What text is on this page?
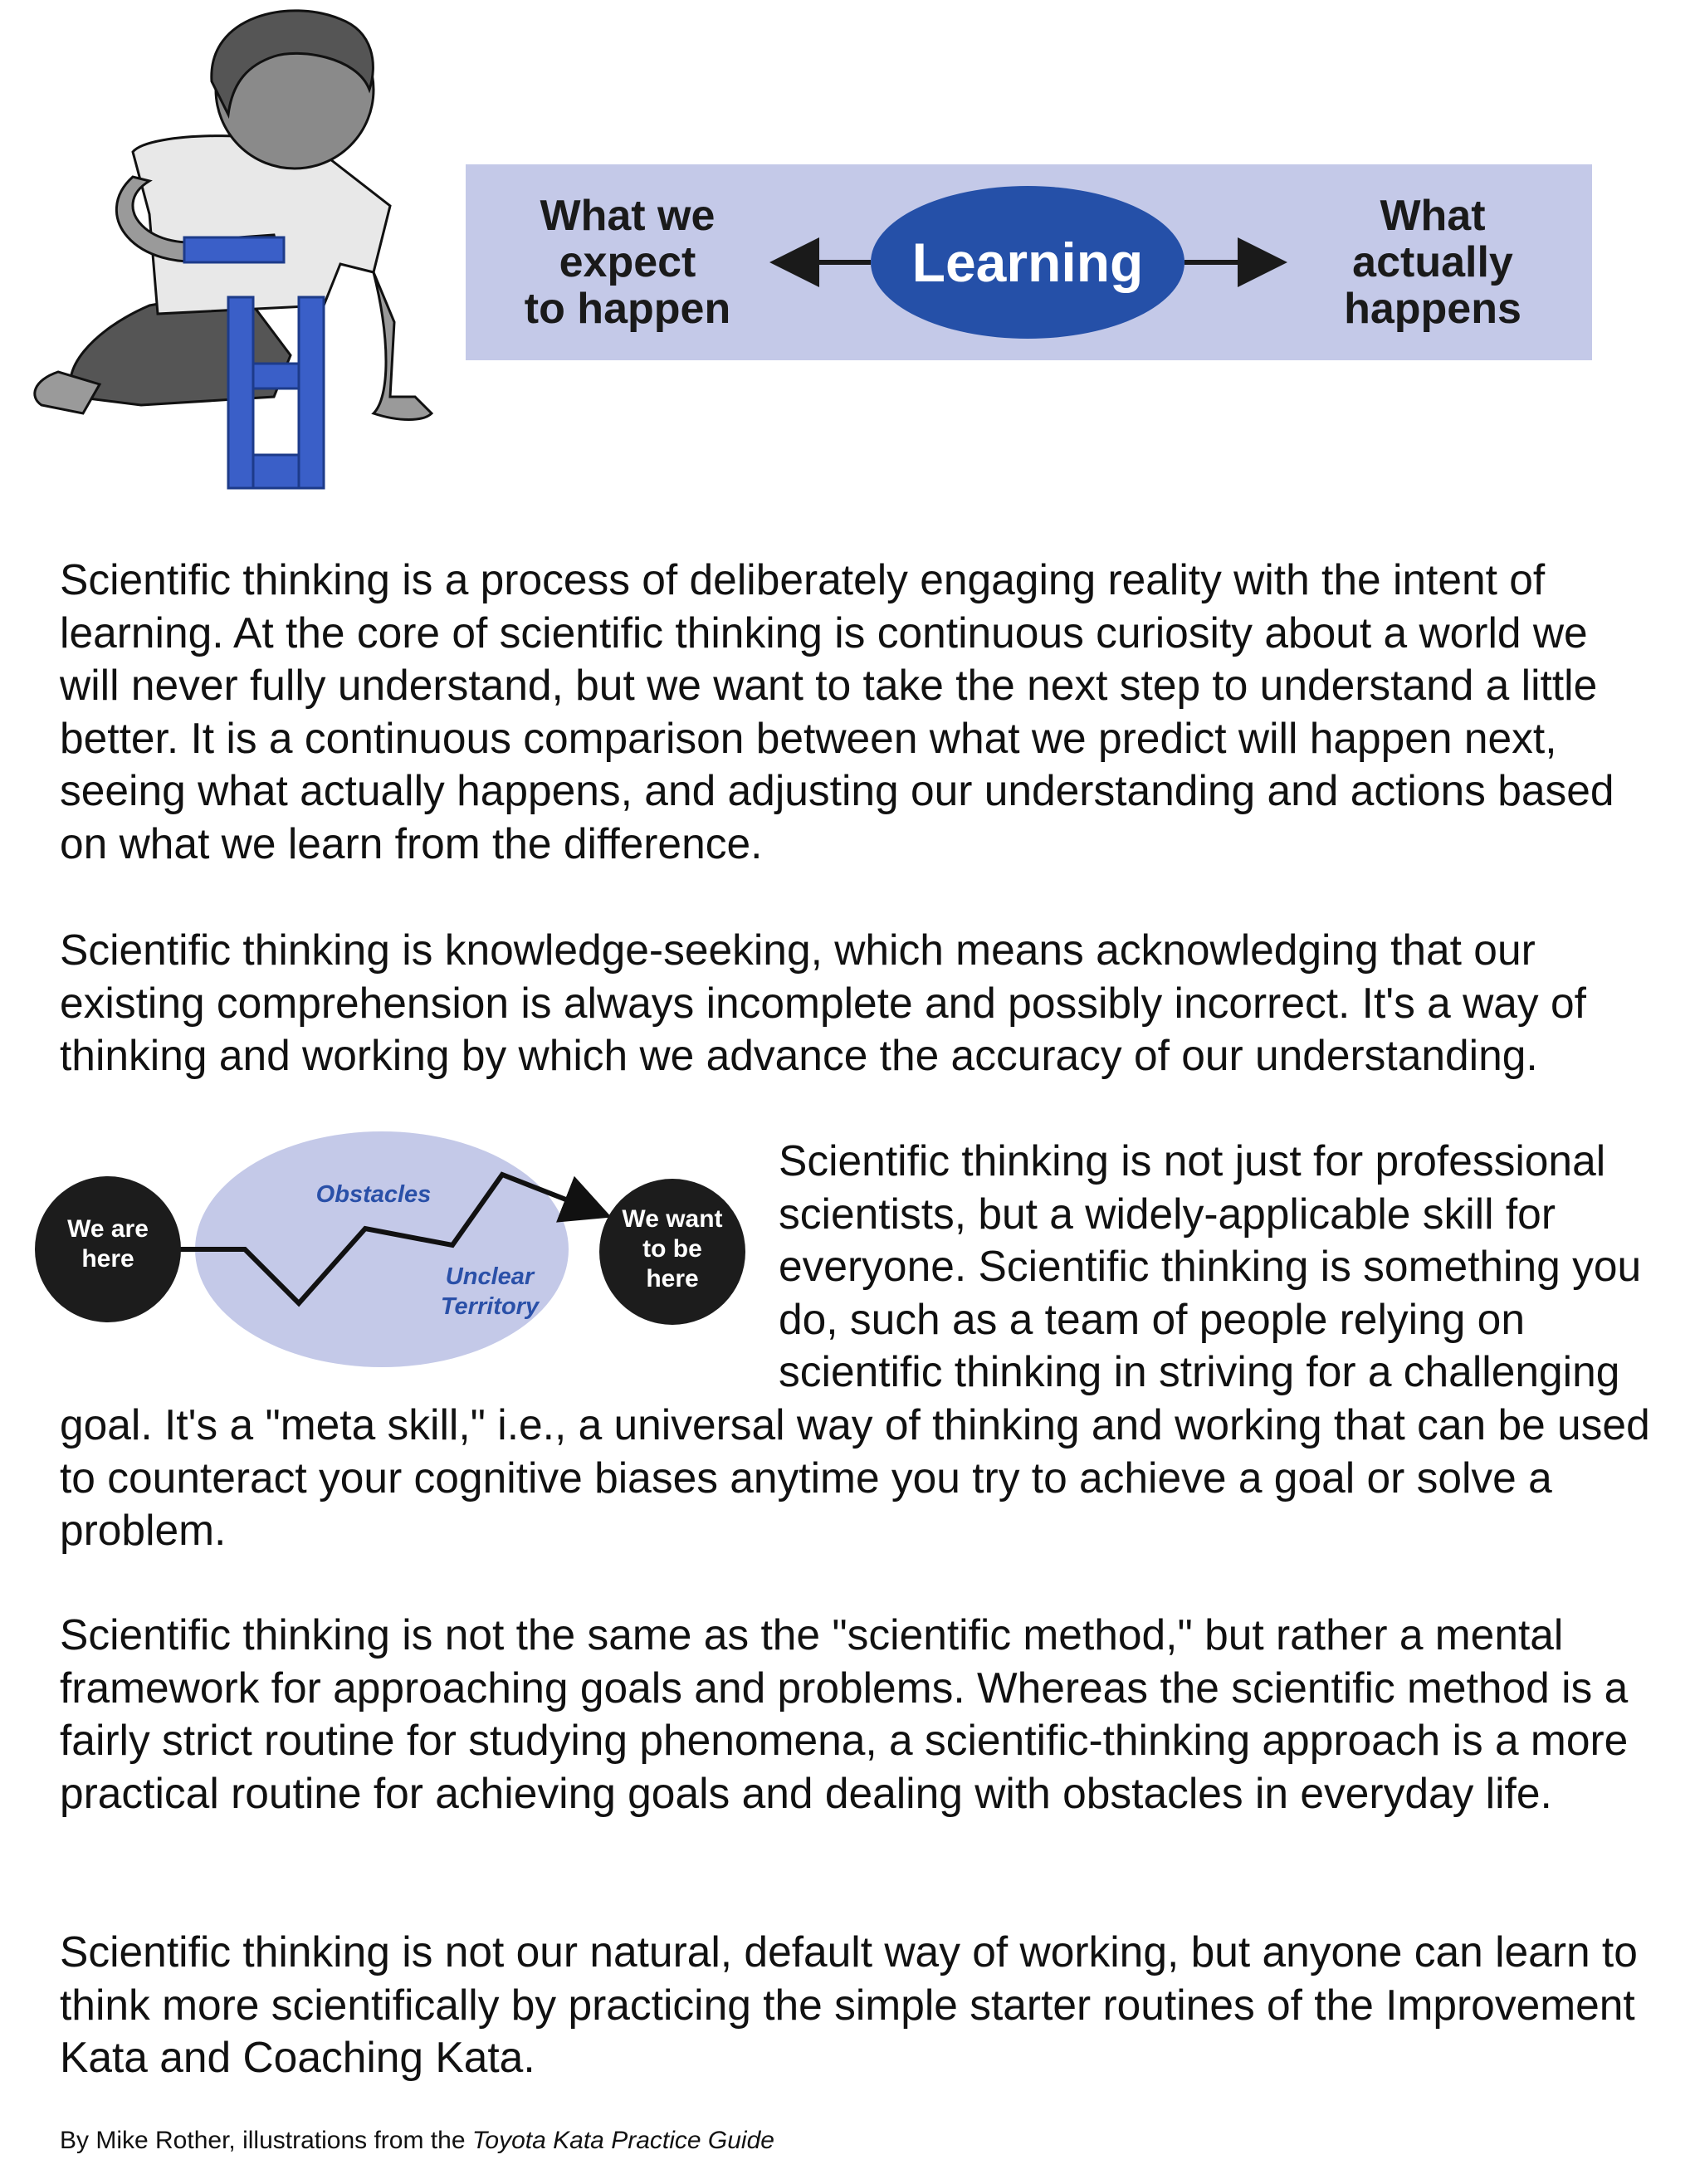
What we
expect
to happen
Learning
What
actually
happens

Scientific thinking is a process of deliberately engaging reality with the intent of learning. At the core of scientific thinking is continuous curiosity about a world we will never fully understand, but we want to take the next step to understand a little better. It is a continuous comparison between what we predict will happen next, seeing what actually happens, and adjusting our understanding and actions based on what we learn from the difference.

Scientific thinking is knowledge-seeking, which means acknowledging that our existing comprehension is always incomplete and possibly incorrect. It's a way of thinking and working by which we advance the accuracy of our understanding.

We are
here
We want
to be
here
Obstacles
Unclear
Territory

Scientific thinking is not just for professional scientists, but a widely-applicable skill for everyone. Scientific thinking is something you do, such as a team of people relying on scientific thinking in striving for a challenging

goal. It's a "meta skill," i.e., a universal way of thinking and working that can be used to counteract your cognitive biases anytime you try to achieve a goal or solve a problem.

Scientific thinking is not the same as the "scientific method," but rather a mental framework for approaching goals and problems. Whereas the scientific method is a fairly strict routine for studying phenomena, a scientific-thinking approach is a more practical routine for achieving goals and dealing with obstacles in everyday life.

Scientific thinking is not our natural, default way of working, but anyone can learn to think more scientifically by practicing the simple starter routines of the Improvement Kata and Coaching Kata.

By Mike Rother, illustrations from the Toyota Kata Practice Guide
